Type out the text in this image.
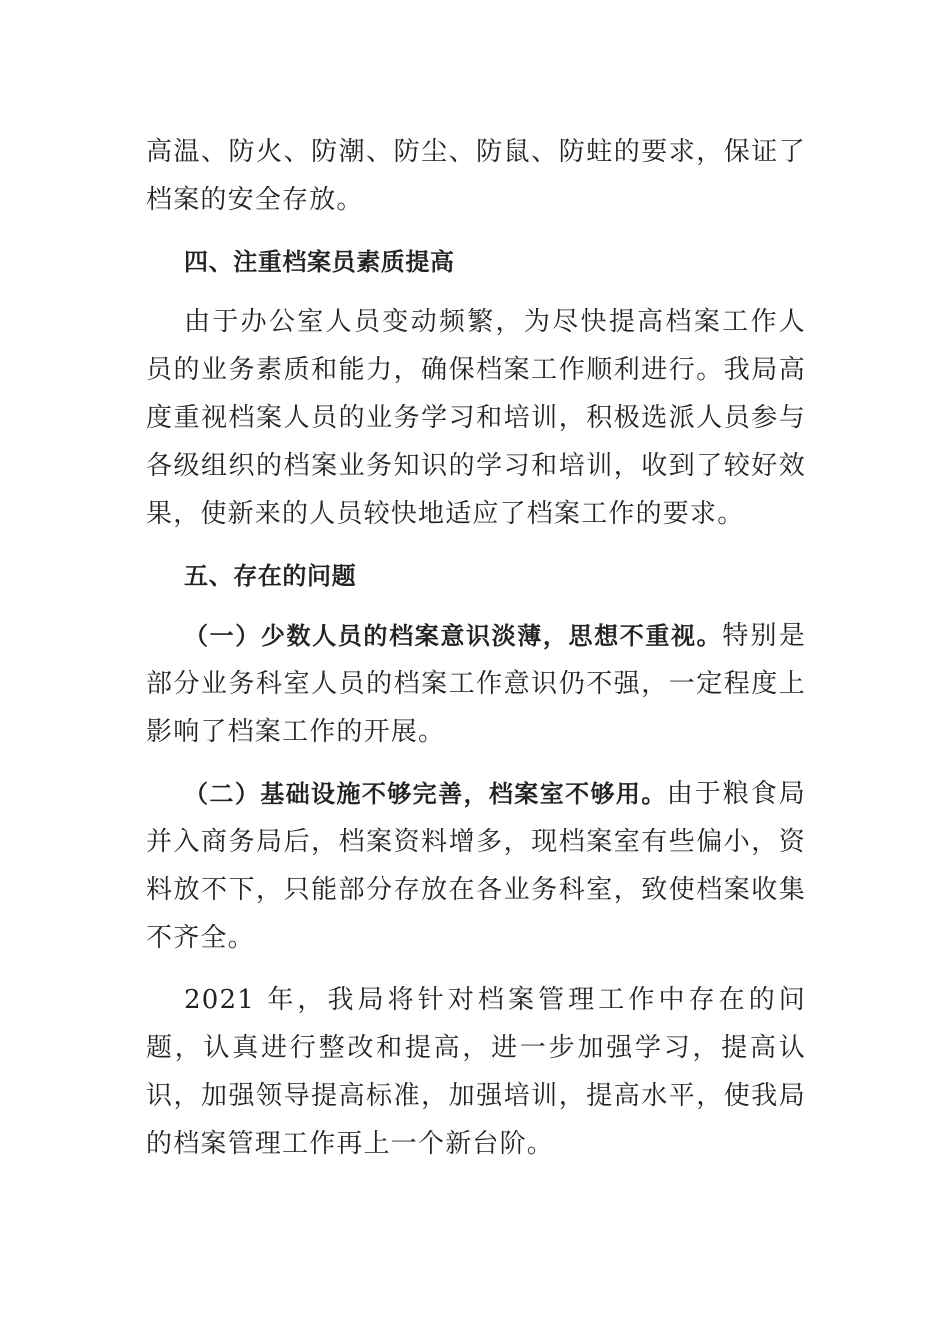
高温、防火、防潮、防尘、防鼠、防蛀的要求，保证了档案的安全存放。

四、注重档案员素质提高

由于办公室人员变动频繁，为尽快提高档案工作人员的业务素质和能力，确保档案工作顺利进行。我局高度重视档案人员的业务学习和培训，积极选派人员参与各级组织的档案业务知识的学习和培训，收到了较好效果，使新来的人员较快地适应了档案工作的要求。

五、存在的问题

（一）少数人员的档案意识淡薄，思想不重视。特别是部分业务科室人员的档案工作意识仍不强，一定程度上影响了档案工作的开展。

（二）基础设施不够完善，档案室不够用。由于粮食局并入商务局后，档案资料增多，现档案室有些偏小，资料放不下，只能部分存放在各业务科室，致使档案收集不齐全。

2021 年，我局将针对档案管理工作中存在的问题，认真进行整改和提高，进一步加强学习，提高认识，加强领导提高标准，加强培训，提高水平，使我局的档案管理工作再上一个新台阶。
